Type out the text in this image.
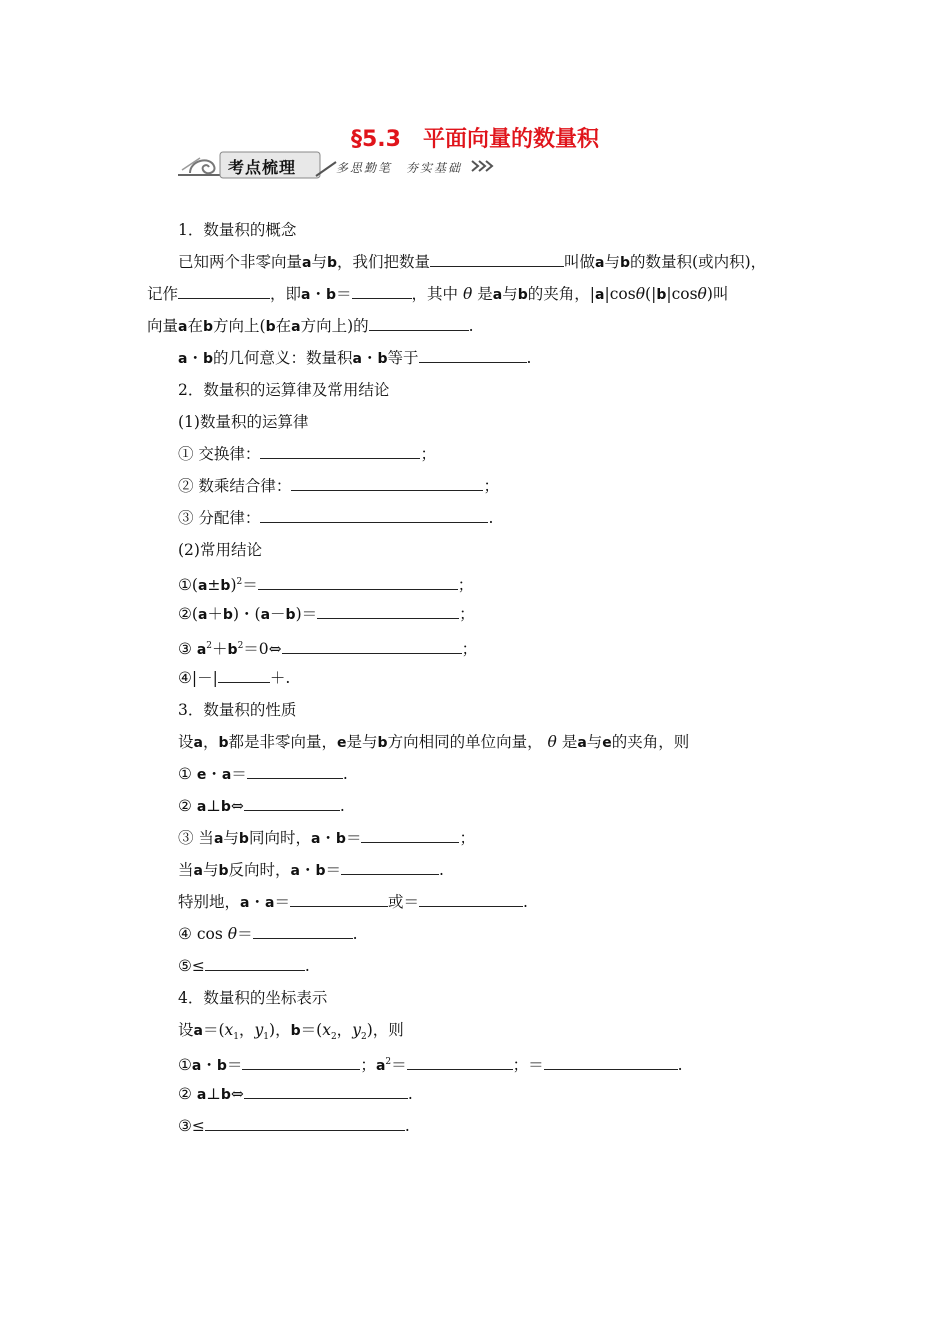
§5.3　平面向量的数量积
考点梳理	多思勤笔　夯实基础
1．数量积的概念
已知两个非零向量a与b，我们把数量	叫做a与b的数量积(或内积)，
记作	，即a・b＝	，其中 θ 是a与b的夹角，|a|cosθ(|b|cosθ)叫
向量a在b方向上(b在a方向上)的	.
a・b的几何意义：数量积a・b等于	.
2．数量积的运算律及常用结论
(1)数量积的运算律
① 交换律：	；
② 数乘结合律：	；
③ 分配律：	.
(2)常用结论
$①(a\pm b)^2=$	；
②(a＋b)・(a－b)＝	；
③ $a^2+b^2=0\Leftrightarrow$	；
④|－|	＋.
3．数量积的性质
设a，b都是非零向量，e是与b方向相同的单位向量， θ 是a与e的夹角，则
① e・a＝	.
② a⊥b⇔	.
③ 当a与b同向时，a・b＝	；
当a与b反向时，a・b＝	.
特别地，a・a＝	或＝	.
④ cos θ＝	.
⑤≤	.
4．数量积的坐标表示
设$a=(x_1$，$y_1$)，$b=(x_2$，$y_2$)，则
①a・b＝	；$a^2=$	；＝	.
② a⊥b⇔	.
③≤	.
